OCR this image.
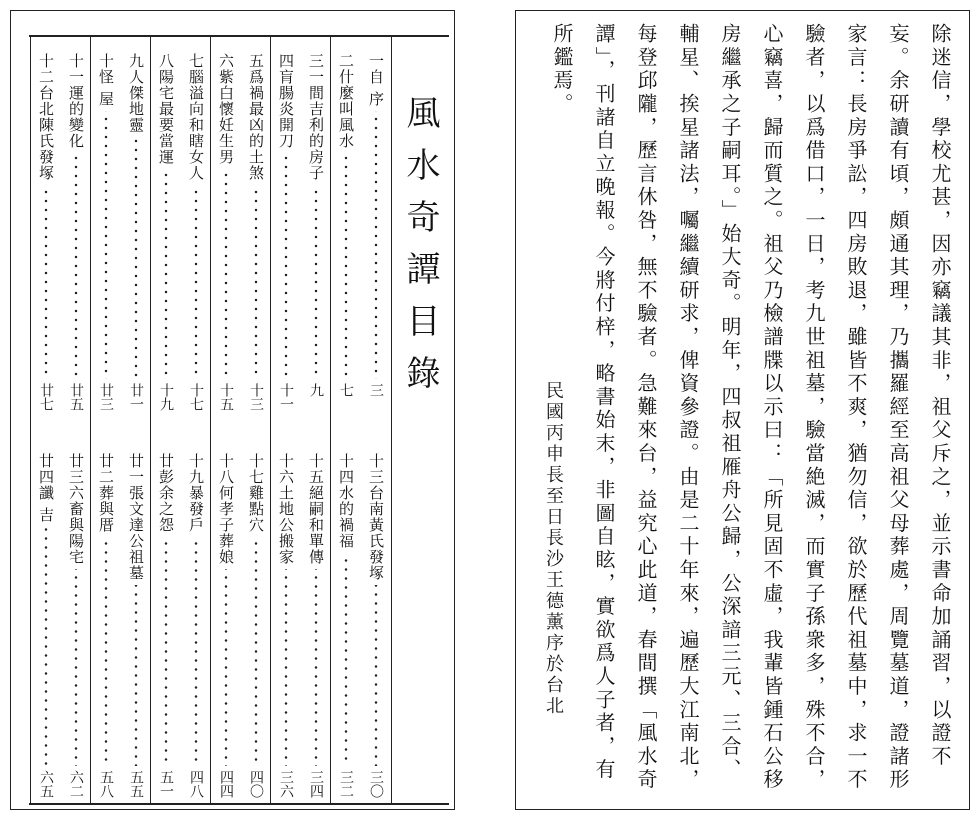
風水奇譚目錄
一自 序
三
十三台南黃氏發塚
三〇
二什麼叫風水
七
十四水的禍福
三二
三一間吉利的房子
九
十五絕嗣和單傳
三四
四肓腸炎開刀
十一
十六土地公搬家
三六
五爲禍最凶的土煞
十三
十七雞點穴
四〇
六紫白懷妊生男
十五
十八何孝子葬娘
四四
七腦溢向和瞎女人
十七
十九暴發戶
四八
八陽宅最要當運
十九
廿彭余之怨
五一
九人傑地靈
廿一
廿一張文達公祖墓
五五
十怪 屋
廿三
廿二葬與厝
五八
十一運的變化
廿五
廿三六畜與陽宅
六二
十二台北陳氏發塚
廿七
廿四讖 吉
六五
除迷信，學校尤甚，因亦竊議其非，祖父斥之，並示書命加誦習，以證不
妄。余研讀有頃，頗通其理，乃攜羅經至高祖父母葬處，周覽墓道，證諸形
家言：長房爭訟，四房敗退，雖皆不爽，猶勿信，欲於歷代祖墓中，求一不
驗者，以爲借口，一日，考九世祖墓，驗當絶滅，而實子孫衆多，殊不合，
心竊喜，歸而質之。祖父乃檢譜牒以示曰：「所見固不虛，我輩皆鍾石公移
房繼承之子嗣耳。」始大奇。明年，四叔祖雁舟公歸，公深諳三元、三合、
輔星、挨星諸法，囑繼續研求，俾資參證。由是二十年來，遍歷大江南北，
每登邱隴，歷言休咎，無不驗者。急難來台，益究心此道，春間撰「風水奇
譚」，刊諸自立晚報。今將付梓，略書始末，非圖自眩，實欲爲人子者，有
所鑑焉。
民國丙申長至日長沙王德薰序於台北
